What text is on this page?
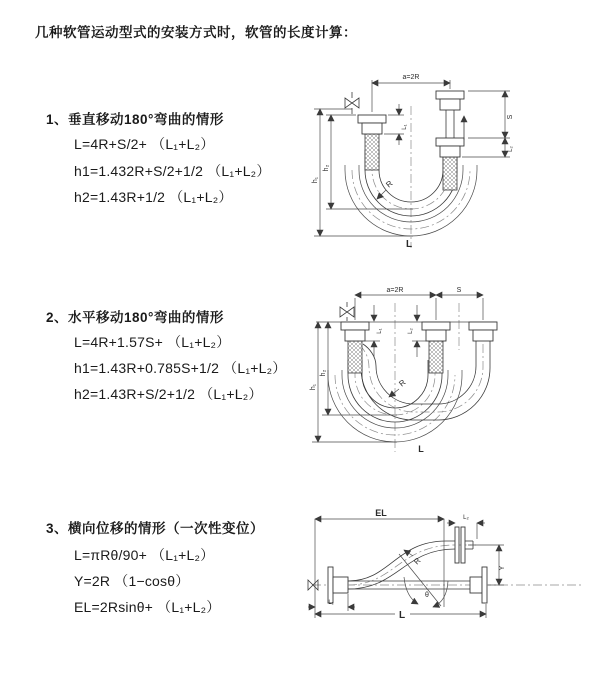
几种软管运动型式的安装方式时，软管的长度计算：
1、垂直移动180°弯曲的情形
L=4R+S/2+ （L₁+L₂）
h1=1.432R+S/2+1/2 （L₁+L₂）
h2=1.43R+1/2 （L₁+L₂）
2、水平移动180°弯曲的情形
L=4R+1.57S+ （L₁+L₂）
h1=1.43R+0.785S+1/2 （L₁+L₂）
h2=1.43R+S/2+1/2 （L₁+L₂）
3、横向位移的情形（一次性变位）
L=πRθ/90+ （L₁+L₂）
Y=2R （1−cosθ）
EL=2Rsinθ+ （L₁+L₂）
a=2R
S
L₂
L₁
h₁
h₂
R
L
a=2R	S
L₁	L₂
h₁
h₂
R
L
EL	L₂
Y
L
L₁
R
θ
